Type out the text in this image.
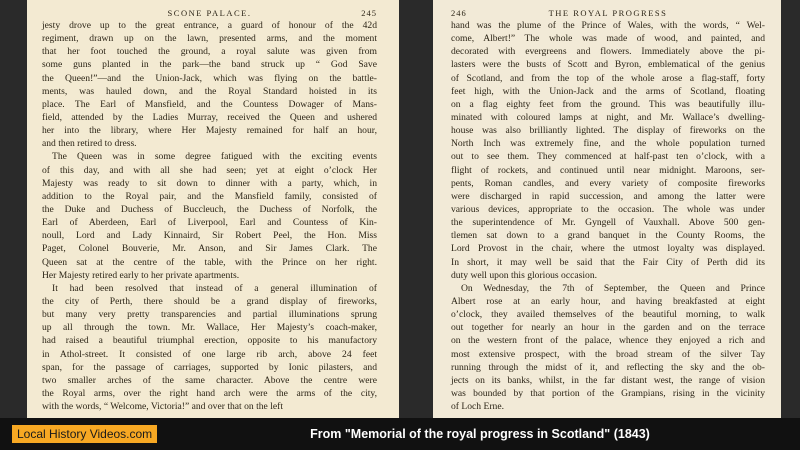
SCONE PALACE.	245
jesty drove up to the great entrance, a guard of honour of the 42d
regiment, drawn up on the lawn, presented arms, and the moment
that her foot touched the ground, a royal salute was given from
some guns planted in the park—the band struck up “ God Save
the Queen!”—and the Union-Jack, which was flying on the battle-
ments, was hauled down, and the Royal Standard hoisted in its
place. The Earl of Mansfield, and the Countess Dowager of Mans-
field, attended by the Ladies Murray, received the Queen and ushered
her into the library, where Her Majesty remained for half an hour,
and then retired to dress.
The Queen was in some degree fatigued with the exciting events
of this day, and with all she had seen; yet at eight o’clock Her
Majesty was ready to sit down to dinner with a party, which, in
addition to the Royal pair, and the Mansfield family, consisted of
the Duke and Duchess of Buccleuch, the Duchess of Norfolk, the
Earl of Aberdeen, Earl of Liverpool, Earl and Countess of Kin-
noull, Lord and Lady Kinnaird, Sir Robert Peel, the Hon. Miss
Paget, Colonel Bouverie, Mr. Anson, and Sir James Clark. The
Queen sat at the centre of the table, with the Prince on her right.
Her Majesty retired early to her private apartments.
It had been resolved that instead of a general illumination of
the city of Perth, there should be a grand display of fireworks,
but many very pretty transparencies and partial illuminations sprung
up all through the town. Mr. Wallace, Her Majesty’s coach-maker,
had raised a beautiful triumphal erection, opposite to his manufactory
in Athol-street. It consisted of one large rib arch, above 24 feet
span, for the passage of carriages, supported by Ionic pilasters, and
two smaller arches of the same character. Above the centre were
the Royal arms, over the right hand arch were the arms of the city,
with the words, “ Welcome, Victoria!” and over that on the left
246	THE ROYAL PROGRESS
hand was the plume of the Prince of Wales, with the words, “ Wel-
come, Albert!” The whole was made of wood, and painted, and
decorated with evergreens and flowers. Immediately above the pi-
lasters were the busts of Scott and Byron, emblematical of the genius
of Scotland, and from the top of the whole arose a flag-staff, forty
feet high, with the Union-Jack and the arms of Scotland, floating
on a flag eighty feet from the ground. This was beautifully illu-
minated with coloured lamps at night, and Mr. Wallace’s dwelling-
house was also brilliantly lighted. The display of fireworks on the
North Inch was extremely fine, and the whole population turned
out to see them. They commenced at half-past ten o’clock, with a
flight of rockets, and continued until near midnight. Maroons, ser-
pents, Roman candles, and every variety of composite fireworks
were discharged in rapid succession, and among the latter were
various devices, appropriate to the occasion. The whole was under
the superintendence of Mr. Gyngell of Vauxhall. Above 500 gen-
tlemen sat down to a grand banquet in the County Rooms, the
Lord Provost in the chair, where the utmost loyalty was displayed.
In short, it may well be said that the Fair City of Perth did its
duty well upon this glorious occasion.
On Wednesday, the 7th of September, the Queen and Prince
Albert rose at an early hour, and having breakfasted at eight
o’clock, they availed themselves of the beautiful morning, to walk
out together for nearly an hour in the garden and on the terrace
on the western front of the palace, whence they enjoyed a rich and
most extensive prospect, with the broad stream of the silver Tay
running through the midst of it, and reflecting the sky and the ob-
jects on its banks, whilst, in the far distant west, the range of vision
was bounded by that portion of the Grampians, rising in the vicinity
of Loch Erne.
Local History Videos.com	From "Memorial of the royal progress in Scotland" (1843)
